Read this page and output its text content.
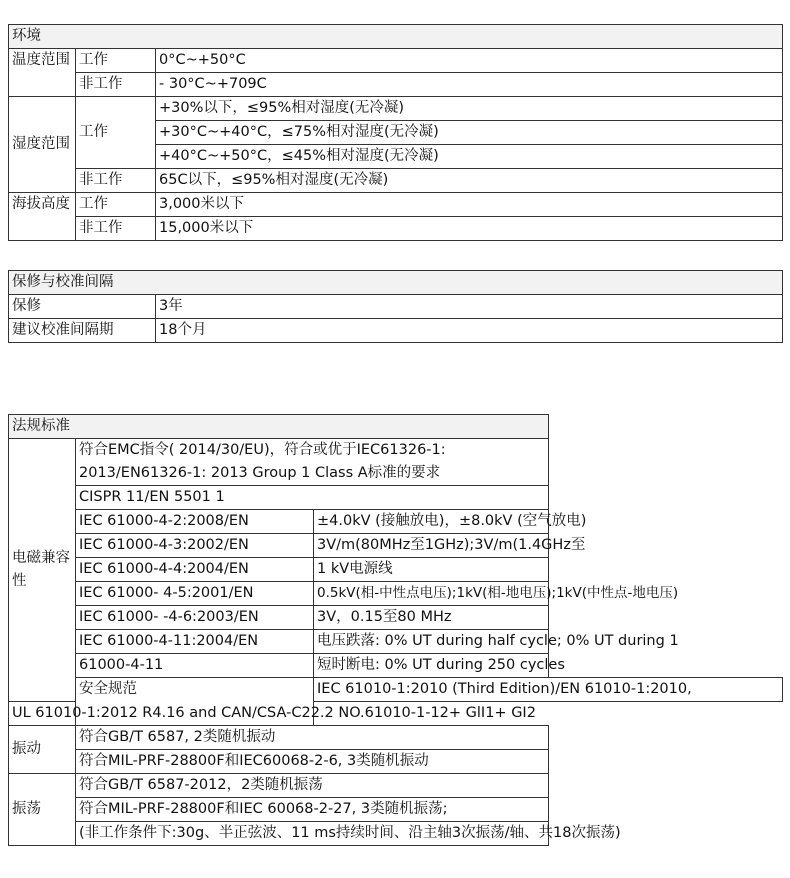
环境		
温度范围	工作	0°C~+50°C
	非工作	- 30°C~+709C
湿度范围	工作	+30%以下，≤95%相对湿度(无冷凝)
		+30°C~+40°C，≤75%相对湿度(无冷凝)
		+40°C~+50°C，≤45%相对湿度(无冷凝)
	非工作	65C以下，≤95%相对湿度(无冷凝)
海拔高度	工作	3,000米以下
	非工作	15,000米以下
保修与校准间隔	
保修	3年
建议校准间隔期	18个月
法规标准		
电磁兼容性	符合EMC指令( 2014/30/EU)，符合或优于IEC61326-1: 2013/EN61326-1: 2013 Group 1 Class A标准的要求	
	CISPR 11/EN 5501 1	
	IEC 61000-4-2:2008/EN	±4.0kV (接触放电)，±8.0kV (空气放电)
	IEC 61000-4-3:2002/EN	3V/m(80MHz至1GHz);3V/m(1.4GHz至
	IEC 61000-4-4:2004/EN	1 kV电源线
	IEC 61000- 4-5:2001/EN	0.5kV(相-中性点电压);1kV(相-地电压);1kV(中性点-地电压)
	IEC 61000- -4-6:2003/EN	3V，0.15至80 MHz
	IEC 61000-4-11:2004/EN	电压跌落: 0% UT during half cycle; 0% UT during 1
	61000-4-11	短时断电: 0% UT during 250 cycles
	安全规范	IEC 61010-1:2010 (Third Edition)/EN 61010-1:2010,
UL 61010-1:2012 R4.16 and CAN/CSA-C22.2 NO.61010-1-12+ GlI1+ GI2		
振动	符合GB/T 6587, 2类随机振动	
	符合MIL-PRF-28800F和IEC60068-2-6, 3类随机振动	
振荡	符合GB/T 6587-2012，2类随机振荡	
	符合MIL-PRF-28800F和IEC 60068-2-27, 3类随机振荡;	
	(非工作条件下:30g、半正弦波、11 ms持续时间、沿主轴3次振荡/轴、共18次振荡)	
